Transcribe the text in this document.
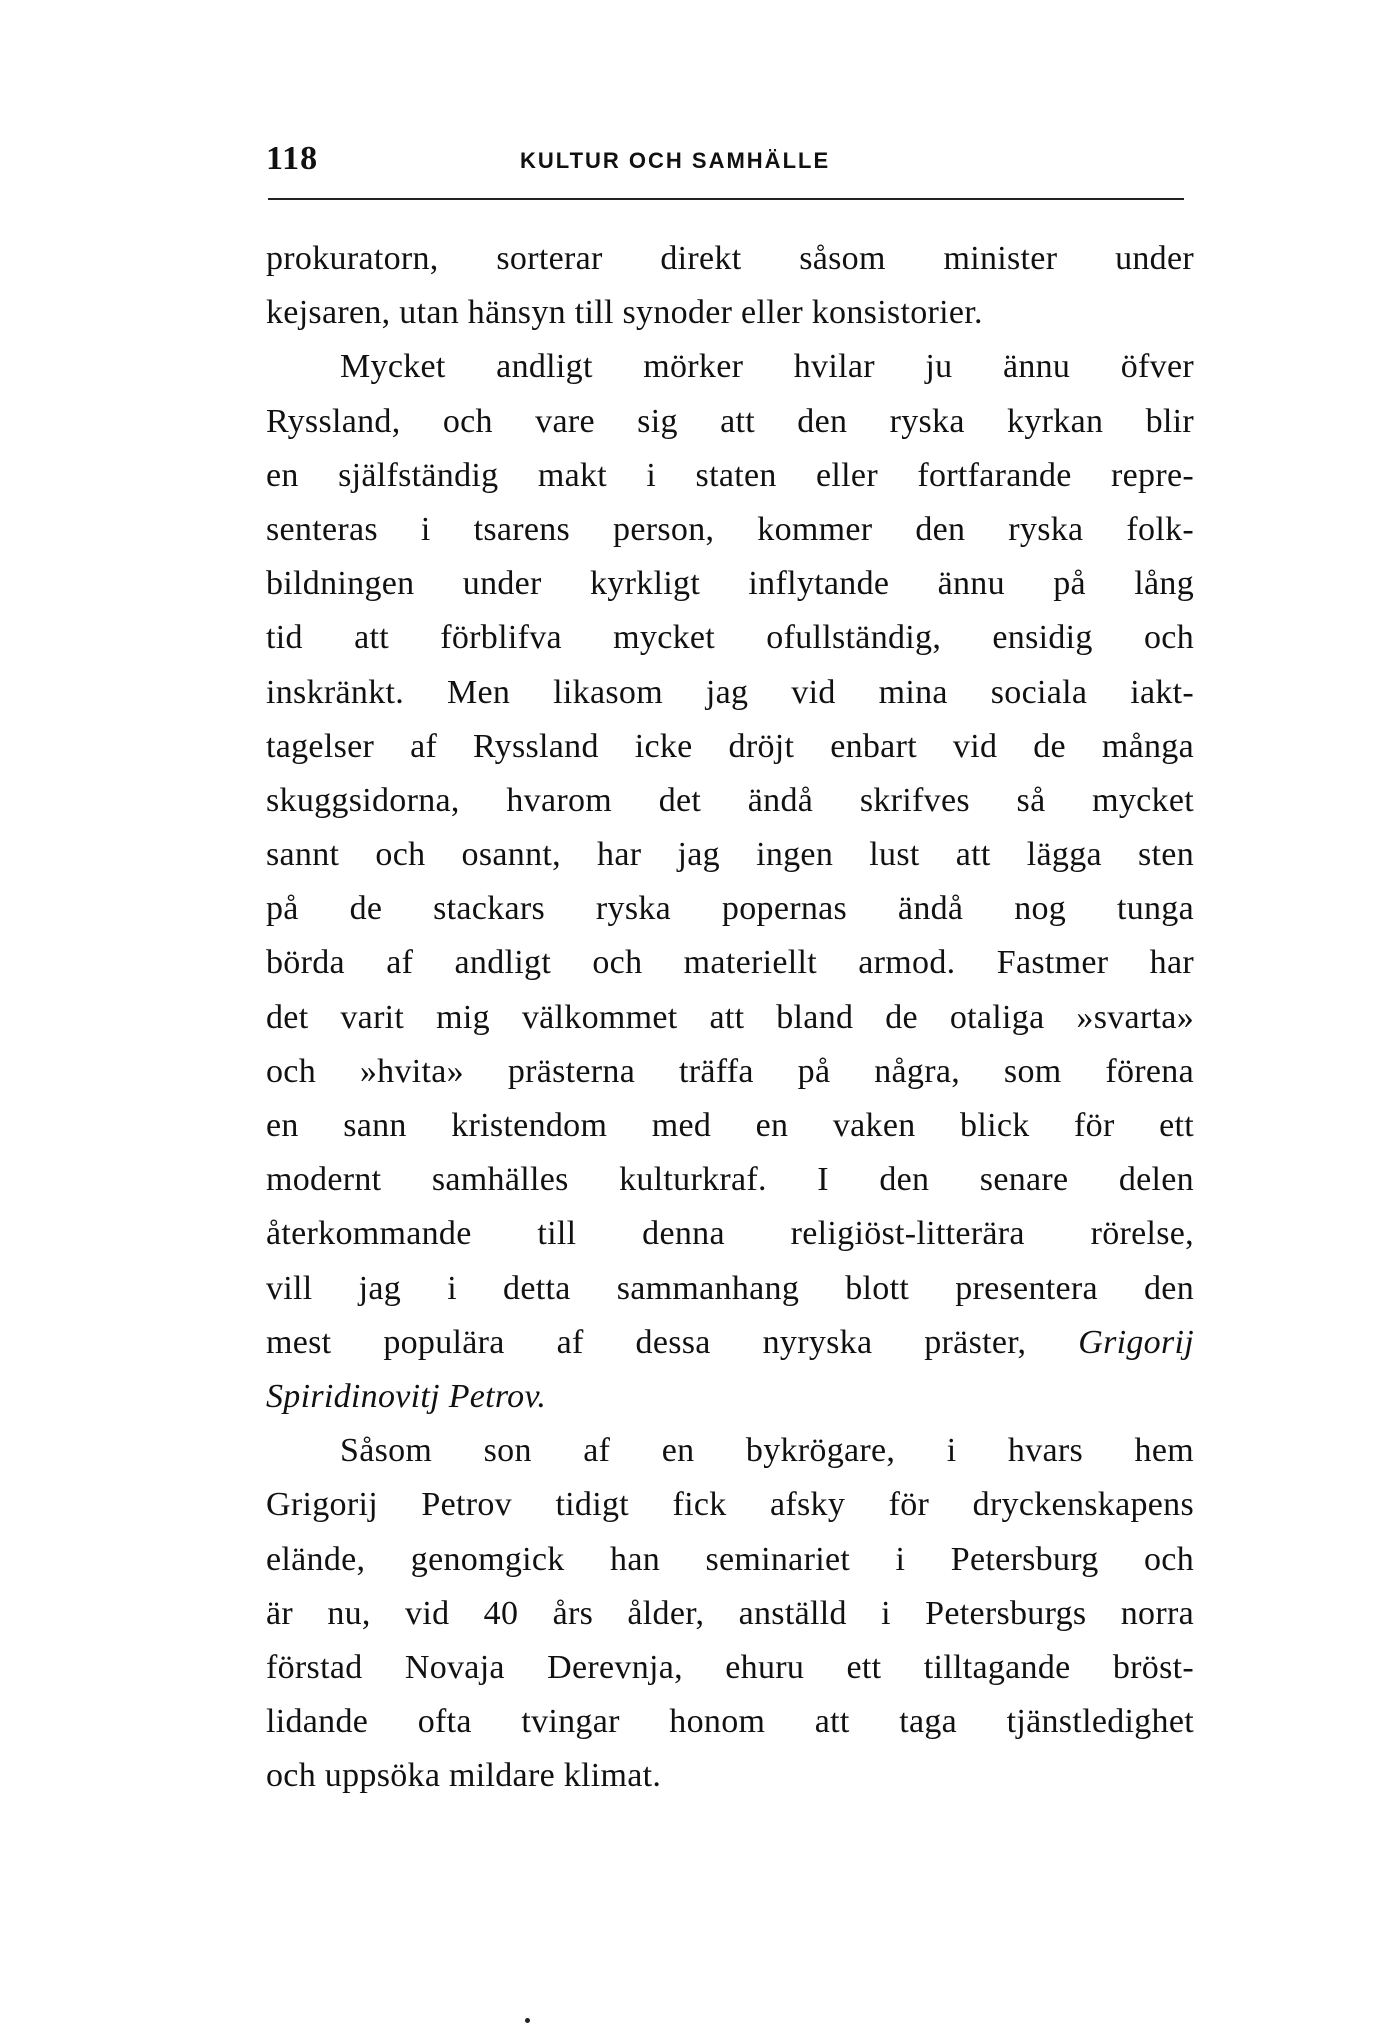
118	KULTUR OCH SAMHÄLLE
prokuratorn, sorterar direkt såsom minister under
kejsaren, utan hänsyn till synoder eller konsistorier.
Mycket andligt mörker hvilar ju ännu öfver
Ryssland, och vare sig att den ryska kyrkan blir
en själfständig makt i staten eller fortfarande repre-
senteras i tsarens person, kommer den ryska folk-
bildningen under kyrkligt inflytande ännu på lång
tid att förblifva mycket ofullständig, ensidig och
inskränkt. Men likasom jag vid mina sociala iakt-
tagelser af Ryssland icke dröjt enbart vid de många
skuggsidorna, hvarom det ändå skrifves så mycket
sannt och osannt, har jag ingen lust att lägga sten
på de stackars ryska popernas ändå nog tunga
börda af andligt och materiellt armod. Fastmer har
det varit mig välkommet att bland de otaliga »svarta»
och »hvita» prästerna träffa på några, som förena
en sann kristendom med en vaken blick för ett
modernt samhälles kulturkraf. I den senare delen
återkommande till denna religiöst-litterära rörelse,
vill jag i detta sammanhang blott presentera den
mest populära af dessa nyryska präster, Grigorij
Spiridinovitj Petrov.
Såsom son af en bykrögare, i hvars hem
Grigorij Petrov tidigt fick afsky för dryckenskapens
elände, genomgick han seminariet i Petersburg och
är nu, vid 40 års ålder, anställd i Petersburgs norra
förstad Novaja Derevnja, ehuru ett tilltagande bröst-
lidande ofta tvingar honom att taga tjänstledighet
och uppsöka mildare klimat.
